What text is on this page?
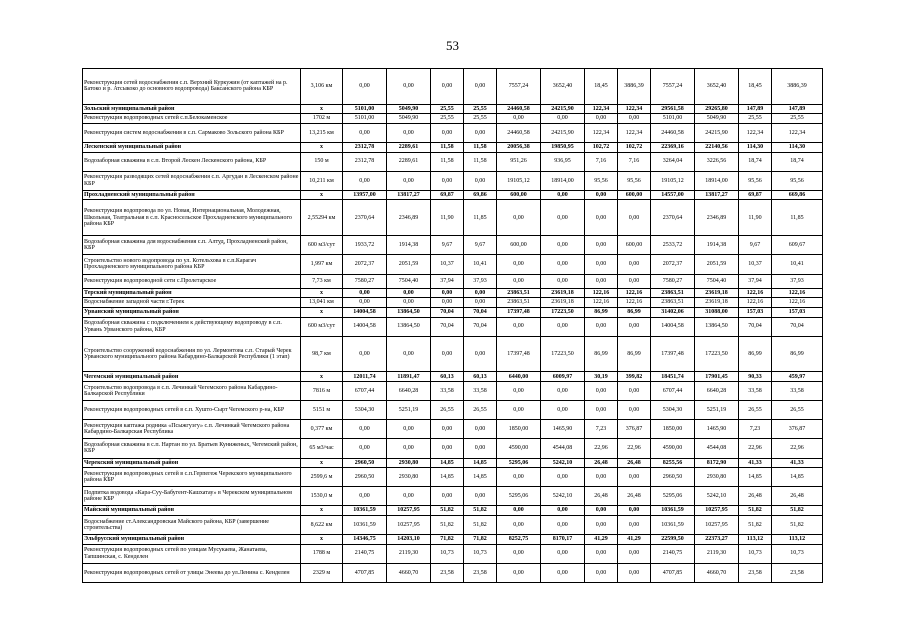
53
Реконструкция сетей водоснабжения с.п. Верхний Куркужин (от каптажей на р. Батоко и р. Атсыкоко до основного водопровода) Баксанского района КБР	3,106 км	0,00	0,00	0,00	0,00	7557,24	3652,40	18,45	3886,39	7557,24	3652,40	18,45	3886,39
Зольский муниципальный район	x	5101,00	5049,90	25,55	25,55	24460,58	24215,90	122,34	122,34	29561,58	29265,80	147,89	147,89
Реконструкция водопроводных сетей с.п.Белокаменское	1702 м	5101,00	5049,90	25,55	25,55	0,00	0,00	0,00	0,00	5101,00	5049,90	25,55	25,55
Реконструкция систем водоснабжения в с.п. Сармаково Зольского района КБР	13,215 км	0,00	0,00	0,00	0,00	24460,58	24215,90	122,34	122,34	24460,58	24215,90	122,34	122,34
Лескенский муниципальный район	x	2312,78	2289,61	11,58	11,58	20056,38	19850,95	102,72	102,72	22369,16	22140,56	114,30	114,30
Водозаборная скважина в с.п. Второй Лескен Лескенского района, КБР	150 м	2312,78	2289,61	11,58	11,58	951,26	936,95	7,16	7,16	3264,04	3226,56	18,74	18,74
Реконструкция разводящих сетей водоснабжения с.п. Аргудан в Лескенском районе КБР	10,211 км	0,00	0,00	0,00	0,00	19105,12	18914,00	95,56	95,56	19105,12	18914,00	95,56	95,56
Прохладненский муниципальный район	x	13957,00	13817,27	69,87	69,86	600,00	0,00	0,00	600,00	14557,00	13817,27	69,87	669,86
Реконструкция водопровода по ул. Новая, Интернациональная, Молодежная, Школьная, Театральная в с.п. Красносельское Прохладненского муниципального района КБР	2,55294 км	2370,64	2346,89	11,90	11,85	0,00	0,00	0,00	0,00	2370,64	2346,89	11,90	11,85
Водозаборная скважина для водоснабжения с.п. Алтуд, Прохладненский район, КБР	600 м3/сут	1933,72	1914,38	9,67	9,67	600,00	0,00	0,00	600,00	2533,72	1914,38	9,67	609,67
Строительство нового водопровода по ул. Котельхова в с.п.Карагач Прохладненского муниципального района КБР	1,997 км	2072,37	2051,59	10,37	10,41	0,00	0,00	0,00	0,00	2072,37	2051,59	10,37	10,41
Реконструкция водопроводной сети с.Пролетарское	7,73 км	7580,27	7504,40	37,94	37,93	0,00	0,00	0,00	0,00	7580,27	7504,40	37,94	37,93
Терский муниципальный район	x	0,00	0,00	0,00	0,00	23863,51	23619,18	122,16	122,16	23863,51	23619,18	122,16	122,16
Водоснабжение западной части г.Терек	13,041 км	0,00	0,00	0,00	0,00	23863,51	23619,18	122,16	122,16	23863,51	23619,18	122,16	122,16
Урванский муниципальный район	x	14004,58	13864,50	70,04	70,04	17397,48	17223,50	86,99	86,99	31402,06	31088,00	157,03	157,03
Водозаборная скважина с подключением к действующему водопроводу в с.п. Урвань Урванского района, КБР	600 м3/сут	14004,58	13864,50	70,04	70,04	0,00	0,00	0,00	0,00	14004,58	13864,50	70,04	70,04
Строительство сооружений водоснабжения по ул. Лермонтова с.п. Старый Черек Урванского муниципального района Кабардино-Балкарской Республики (1 этап)	98,7 км	0,00	0,00	0,00	0,00	17397,48	17223,50	86,99	86,99	17397,48	17223,50	86,99	86,99
Чегемский муниципальный район	x	12011,74	11891,47	60,13	60,13	6440,00	6009,97	30,19	399,82	18451,74	17901,45	90,33	459,97
Строительство водопровода в с.п. Лечинкай Чегемского района Кабардино-Балкарской Республики	7816 м	6707,44	6640,28	33,58	33,58	0,00	0,00	0,00	0,00	6707,44	6640,28	33,58	33,58
Реконструкция водопроводных сетей в с.п. Хушто-Сырт Чегемского р-на, КБР	5151 м	5304,30	5251,19	26,55	26,55	0,00	0,00	0,00	0,00	5304,30	5251,19	26,55	26,55
Реконструкция каптажа родника «Псыжгуэгу» с.п. Лечинкай Чегемского района Кабардино-Балкарская Республика	0,377 км	0,00	0,00	0,00	0,00	1850,00	1465,90	7,23	376,87	1850,00	1465,90	7,23	376,87
Водозаборная скважина в с.п. Нартан по ул. Братьев Куниженых, Чегемский район, КБР	65 м3/час	0,00	0,00	0,00	0,00	4590,00	4544,08	22,96	22,96	4590,00	4544,08	22,96	22,96
Черекский муниципальный район	x	2960,50	2930,80	14,85	14,85	5295,06	5242,10	26,48	26,48	8255,56	8172,90	41,33	41,33
Реконструкция водопроводных сетей в с.п.Герпегеж Черекского муниципального района КБР	2599,6 м	2960,50	2930,80	14,85	14,85	0,00	0,00	0,00	0,00	2960,50	2930,80	14,85	14,85
Подпитка водовода «Карa-Суу-Бабугент-Кашхатау» в Черекском муниципальном районе КБР	1530,0 м	0,00	0,00	0,00	0,00	5295,06	5242,10	26,48	26,48	5295,06	5242,10	26,48	26,48
Майский муниципальный район	x	10361,59	10257,95	51,82	51,82	0,00	0,00	0,00	0,00	10361,59	10257,95	51,82	51,82
Водоснабжение ст.Александровская Майского района, КБР (завершение строительства)	8,622 км	10361,59	10257,95	51,82	51,82	0,00	0,00	0,00	0,00	10361,59	10257,95	51,82	51,82
Эльбрусский муниципальный район	x	14346,75	14203,10	71,82	71,82	8252,75	8170,17	41,29	41,29	22599,50	22373,27	113,12	113,12
Реконструкция водопроводных сетей по улицам Мусукаева, Жанатаева, Тапшинская, с. Кенделен	1788 м	2140,75	2119,30	10,73	10,73	0,00	0,00	0,00	0,00	2140,75	2119,30	10,73	10,73
Реконструкция водопроводных сетей от улицы Энеева до ул.Ленина с. Кенделен	2329 м	4707,85	4660,70	23,58	23,58	0,00	0,00	0,00	0,00	4707,85	4660,70	23,58	23,58
